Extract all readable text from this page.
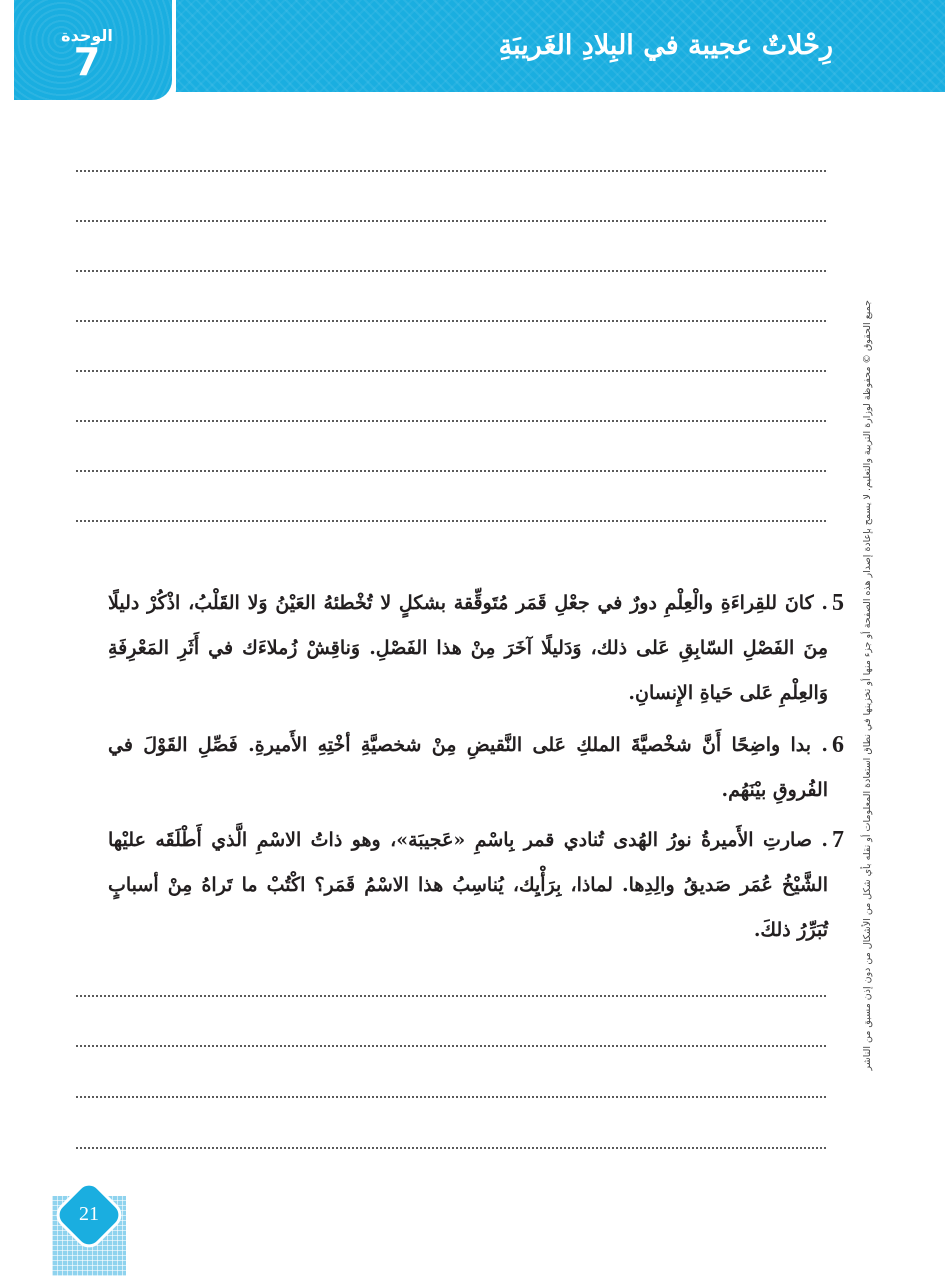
الوحدة
7	رِحْلاتٌ عجيبة في البِلادِ الغَريبَةِ
5
. كانَ للقِراءَةِ والْعِلْمِ دورٌ في جعْلِ قَمَر مُتَوقِّقة بشكلٍ لا تُخْطئهُ العَيْنُ وَلا القَلْبُ، اذْكُرْ دليلًا مِنَ الفَصْلِ السّابِقِ عَلى ذلك، وَدَليلًا آخَرَ مِنْ هذا الفَصْلِ. وَناقِشْ زُملاءَك في أَثَرِ المَعْرِفَةِ وَالعِلْمِ عَلى حَياةِ الإِنسانِ.
6
. بدا واضِحًا أَنَّ شخْصيَّةَ الملكِ عَلى النَّقيضِ مِنْ شخصيَّةِ أخْتِهِ الأَميرةِ. فَصِّلِ القَوْلَ في الفُروقِ بيْنَهُم.
7
. صارتِ الأَميرةُ نورُ الهُدى تُنادي قمر بِاسْمِ «عَجيبَة»، وهو ذاتُ الاسْمِ الَّذي أَطْلَقَه عليْها الشَّيْخُ عُمَر صَديقُ والِدِها. لماذا، بِرَأْيِك، يُناسِبُ هذا الاسْمُ قَمَر؟ اكْتُبْ ما تَراهُ مِنْ أسبابٍ تُبَرِّرُ ذلكَ.	جميع الحقوق © محفوظة لوزارة التربية والتعليم. لا يسمح بإعادة إصدار هذه الصفحة أو جزء منها أو تخزينها في نطاق استعادة المعلومات أو نقله بأي شكل من الأشكال من دون إذن مسبق من الناشر
21
